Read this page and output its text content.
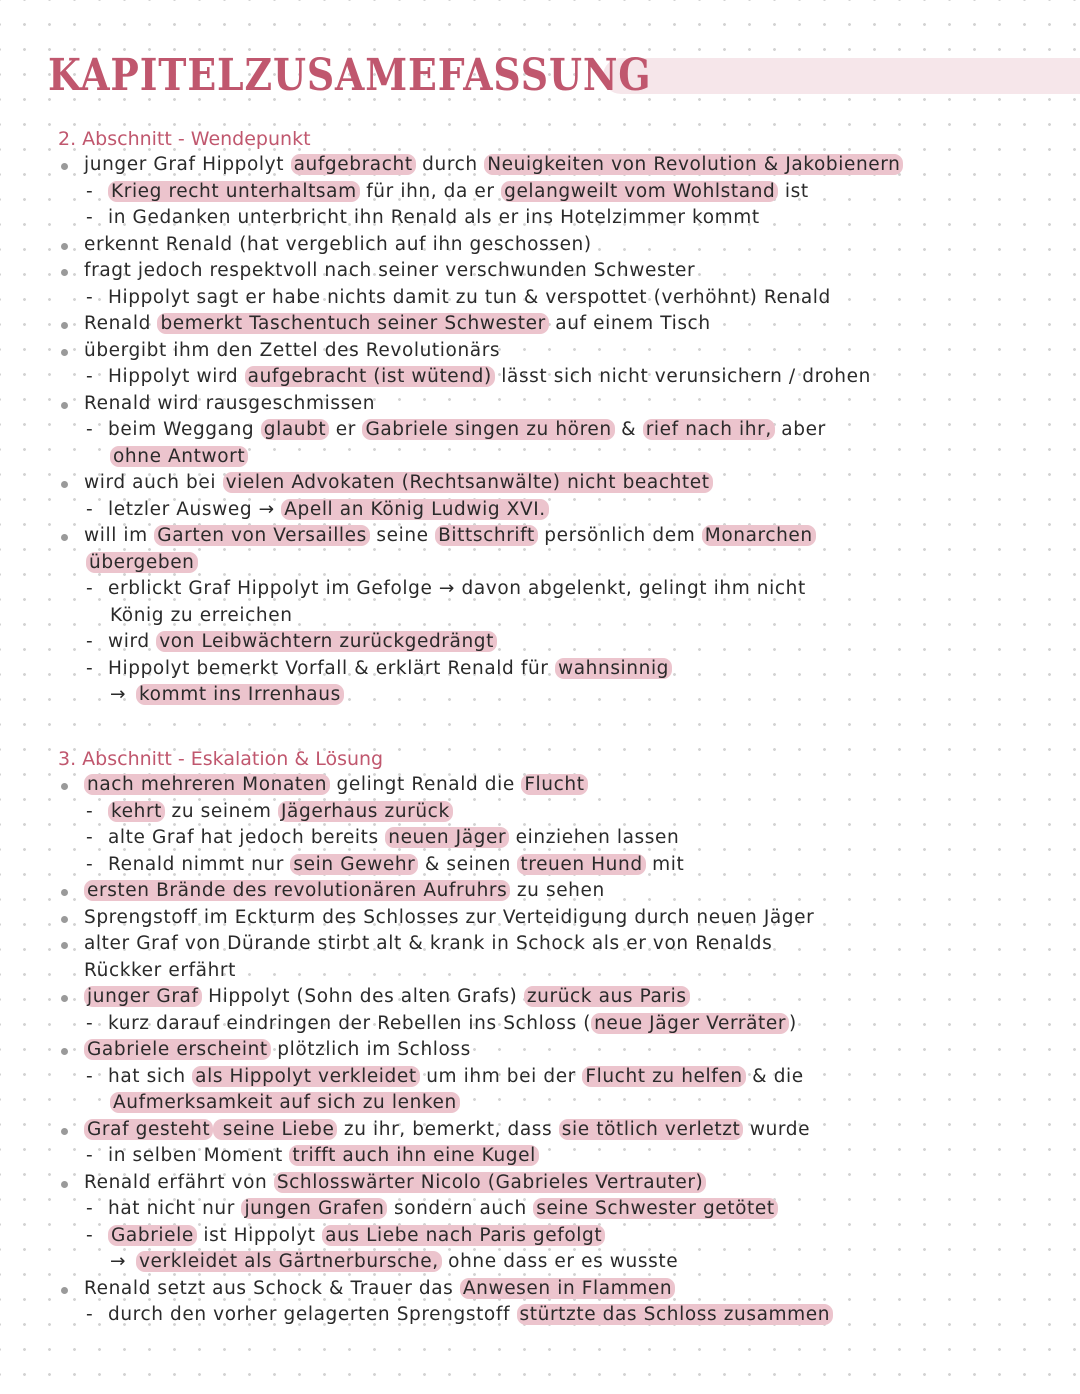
KAPITELZUSAMEFASSUNG
2. Abschnitt - Wendepunkt
junger Graf Hippolyt aufgebracht durch Neuigkeiten von Revolution & Jakobienern
- Krieg recht unterhaltsam für ihn, da er gelangweilt vom Wohlstand ist
- in Gedanken unterbricht ihn Renald als er ins Hotelzimmer kommt
erkennt Renald (hat vergeblich auf ihn geschossen)
fragt jedoch respektvoll nach seiner verschwunden Schwester
- Hippolyt sagt er habe nichts damit zu tun & verspottet (verhöhnt) Renald
Renald bemerkt Taschentuch seiner Schwester auf einem Tisch
übergibt ihm den Zettel des Revolutionärs
- Hippolyt wird aufgebracht (ist wütend) lässt sich nicht verunsichern / drohen
Renald wird rausgeschmissen
- beim Weggang glaubt er Gabriele singen zu hören & rief nach ihr, aber
ohne Antwort
wird auch bei vielen Advokaten (Rechtsanwälte) nicht beachtet
- letzler Ausweg → Apell an König Ludwig XVI.
will im Garten von Versailles seine Bittschrift persönlich dem Monarchen
übergeben
- erblickt Graf Hippolyt im Gefolge → davon abgelenkt, gelingt ihm nicht
König zu erreichen
- wird von Leibwächtern zurückgedrängt
- Hippolyt bemerkt Vorfall & erklärt Renald für wahnsinnig
→ kommt ins Irrenhaus
3. Abschnitt - Eskalation & Lösung
nach mehreren Monaten gelingt Renald die Flucht
- kehrt zu seinem Jägerhaus zurück
- alte Graf hat jedoch bereits neuen Jäger einziehen lassen
- Renald nimmt nur sein Gewehr & seinen treuen Hund mit
ersten Brände des revolutionären Aufruhrs zu sehen
Sprengstoff im Eckturm des Schlosses zur Verteidigung durch neuen Jäger
alter Graf von Dürande stirbt alt & krank in Schock als er von Renalds
Rückker erfährt
junger Graf Hippolyt (Sohn des alten Grafs) zurück aus Paris
- kurz darauf eindringen der Rebellen ins Schloss ( neue Jäger Verräter )
Gabriele erscheint plötzlich im Schloss
- hat sich als Hippolyt verkleidet um ihm bei der Flucht zu helfen & die
Aufmerksamkeit auf sich zu lenken
Graf gesteht seine Liebe zu ihr, bemerkt, dass sie tötlich verletzt wurde
- in selben Moment trifft auch ihn eine Kugel
Renald erfährt von Schlosswärter Nicolo (Gabrieles Vertrauter)
- hat nicht nur jungen Grafen sondern auch seine Schwester getötet
- Gabriele ist Hippolyt aus Liebe nach Paris gefolgt
→ verkleidet als Gärtnerbursche, ohne dass er es wusste
Renald setzt aus Schock & Trauer das Anwesen in Flammen
- durch den vorher gelagerten Sprengstoff stürtzte das Schloss zusammen
